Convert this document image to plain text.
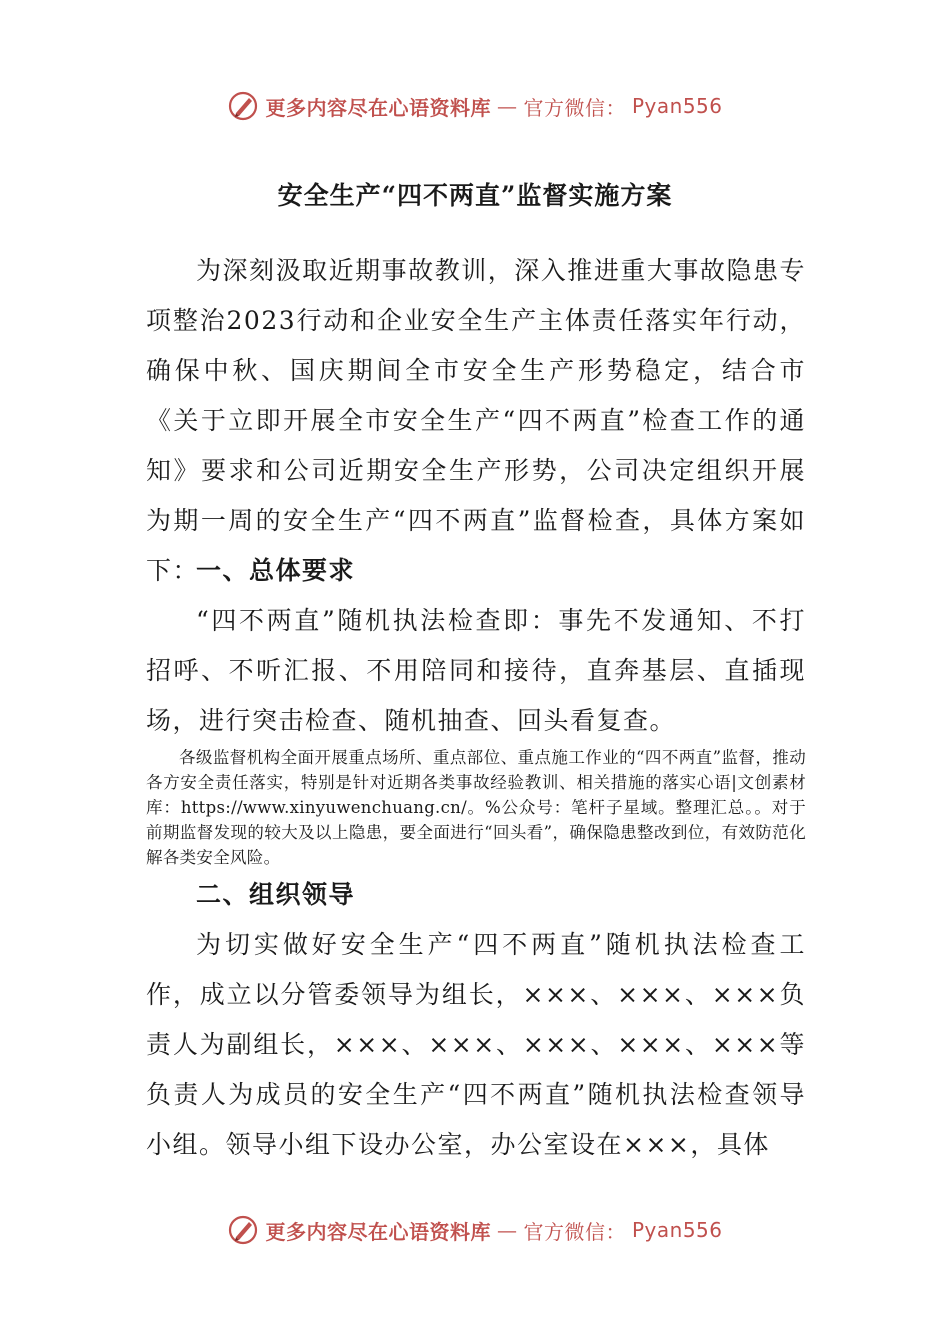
更多内容尽在心语资料库 — 官方微信： Pyan556
安全生产“四不两直”监督实施方案

为深刻汲取近期事故教训，深入推进重大事故隐患专项整治2023行动和企业安全生产主体责任落实年行动，确保中秋、国庆期间全市安全生产形势稳定，结合市《关于立即开展全市安全生产“四不两直”检查工作的通知》要求和公司近期安全生产形势，公司决定组织开展为期一周的安全生产“四不两直”监督检查，具体方案如下：

一、总体要求

“四不两直”随机执法检查即：事先不发通知、不打招呼、不听汇报、不用陪同和接待，直奔基层、直插现场，进行突击检查、随机抽查、回头看复查。

各级监督机构全面开展重点场所、重点部位、重点施工作业的“四不两直”监督，推动各方安全责任落实，特别是针对近期各类事故经验教训、相关措施的落实心语|文创素材库：https://www.xinyuwenchuang.cn/。%公众号：笔杆子星域。整理汇总。。对于前期监督发现的较大及以上隐患，要全面进行“回头看”，确保隐患整改到位，有效防范化解各类安全风险。

二、组织领导

为切实做好安全生产“四不两直”随机执法检查工作，成立以分管委领导为组长，×××、×××、×××负责人为副组长，×××、×××、×××、×××、×××等负责人为成员的安全生产“四不两直”随机执法检查领导小组。领导小组下设办公室，办公室设在×××，具体

更多内容尽在心语资料库 — 官方微信： Pyan556
